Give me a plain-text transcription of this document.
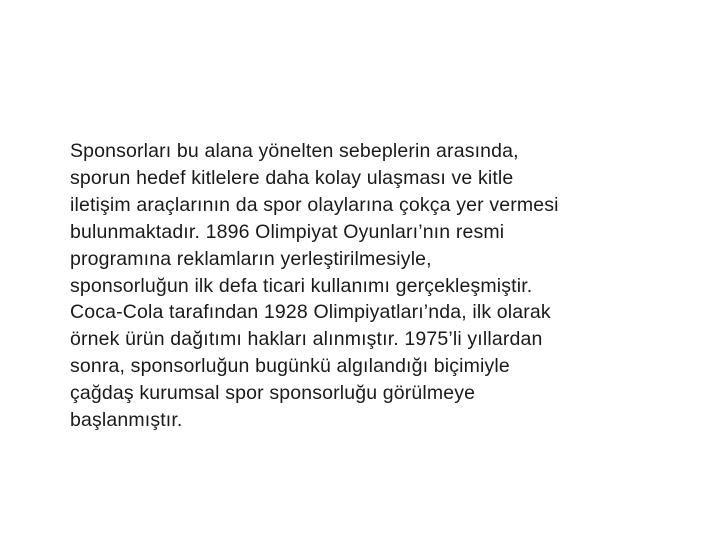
Sponsorları bu alana yönelten sebeplerin arasında,
sporun hedef kitlelere daha kolay ulaşması ve kitle
iletişim araçlarının da spor olaylarına çokça yer vermesi
bulunmaktadır. 1896 Olimpiyat Oyunları’nın resmi
programına reklamların yerleştirilmesiyle,
sponsorluğun ilk defa ticari kullanımı gerçekleşmiştir.
Coca-Cola tarafından 1928 Olimpiyatları’nda, ilk olarak
örnek ürün dağıtımı hakları alınmıştır. 1975’li yıllardan
sonra, sponsorluğun bugünkü algılandığı biçimiyle
çağdaş kurumsal spor sponsorluğu görülmeye
başlanmıştır.
